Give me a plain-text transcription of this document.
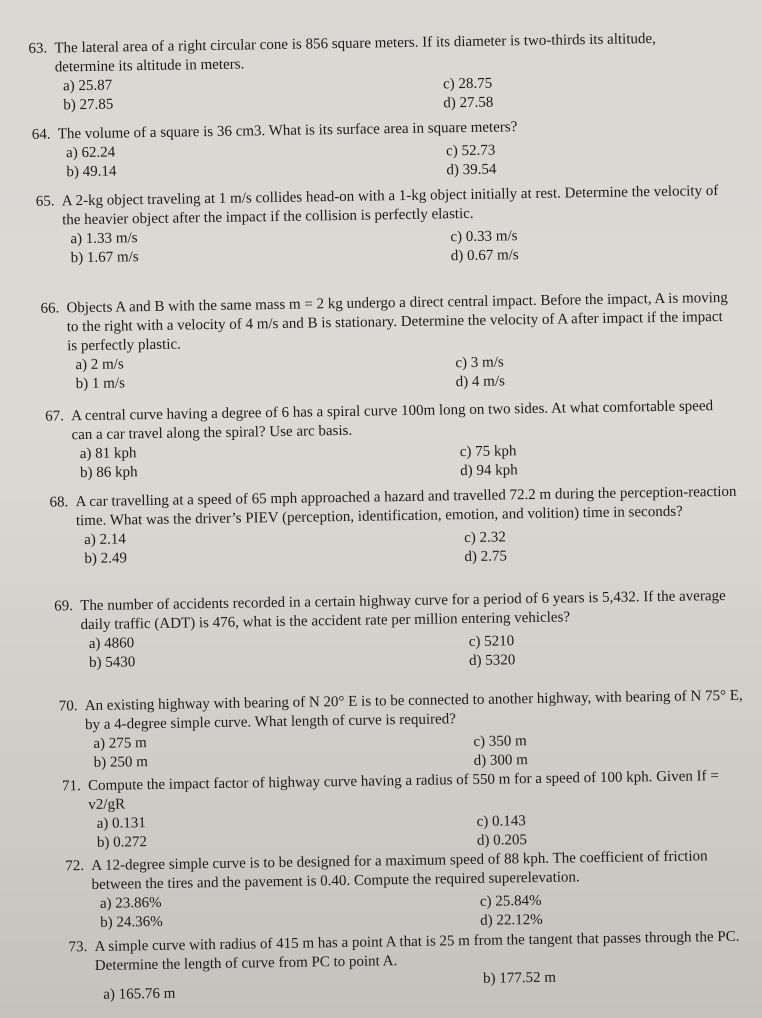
63. The lateral area of a right circular cone is 856 square meters. If its diameter is two-thirds its altitude, determine its altitude in meters.
a) 25.87
b) 27.85
c) 28.75
d) 27.58
64. The volume of a square is 36 cm3. What is its surface area in square meters?
a) 62.24
b) 49.14
c) 52.73
d) 39.54
65. A 2-kg object traveling at 1 m/s collides head-on with a 1-kg object initially at rest. Determine the velocity of the heavier object after the impact if the collision is perfectly elastic.
a) 1.33 m/s
b) 1.67 m/s
c) 0.33 m/s
d) 0.67 m/s
66. Objects A and B with the same mass m = 2 kg undergo a direct central impact. Before the impact, A is moving to the right with a velocity of 4 m/s and B is stationary. Determine the velocity of A after impact if the impact is perfectly plastic.
a) 2 m/s
b) 1 m/s
c) 3 m/s
d) 4 m/s
67. A central curve having a degree of 6 has a spiral curve 100m long on two sides. At what comfortable speed can a car travel along the spiral? Use arc basis.
a) 81 kph
b) 86 kph
c) 75 kph
d) 94 kph
68. A car travelling at a speed of 65 mph approached a hazard and travelled 72.2 m during the perception-reaction time. What was the driver’s PIEV (perception, identification, emotion, and volition) time in seconds?
a) 2.14
b) 2.49
c) 2.32
d) 2.75
69. The number of accidents recorded in a certain highway curve for a period of 6 years is 5,432. If the average daily traffic (ADT) is 476, what is the accident rate per million entering vehicles?
a) 4860
b) 5430
c) 5210
d) 5320
70. An existing highway with bearing of N 20° E is to be connected to another highway, with bearing of N 75° E, by a 4-degree simple curve. What length of curve is required?
a) 275 m
b) 250 m
c) 350 m
d) 300 m
71. Compute the impact factor of highway curve having a radius of 550 m for a speed of 100 kph. Given If = v2/gR
a) 0.131
b) 0.272
c) 0.143
d) 0.205
72. A 12-degree simple curve is to be designed for a maximum speed of 88 kph. The coefficient of friction between the tires and the pavement is 0.40. Compute the required superelevation.
a) 23.86%
b) 24.36%
c) 25.84%
d) 22.12%
73. A simple curve with radius of 415 m has a point A that is 25 m from the tangent that passes through the PC. Determine the length of curve from PC to point A.
a) 165.76 m
b) 177.52 m
